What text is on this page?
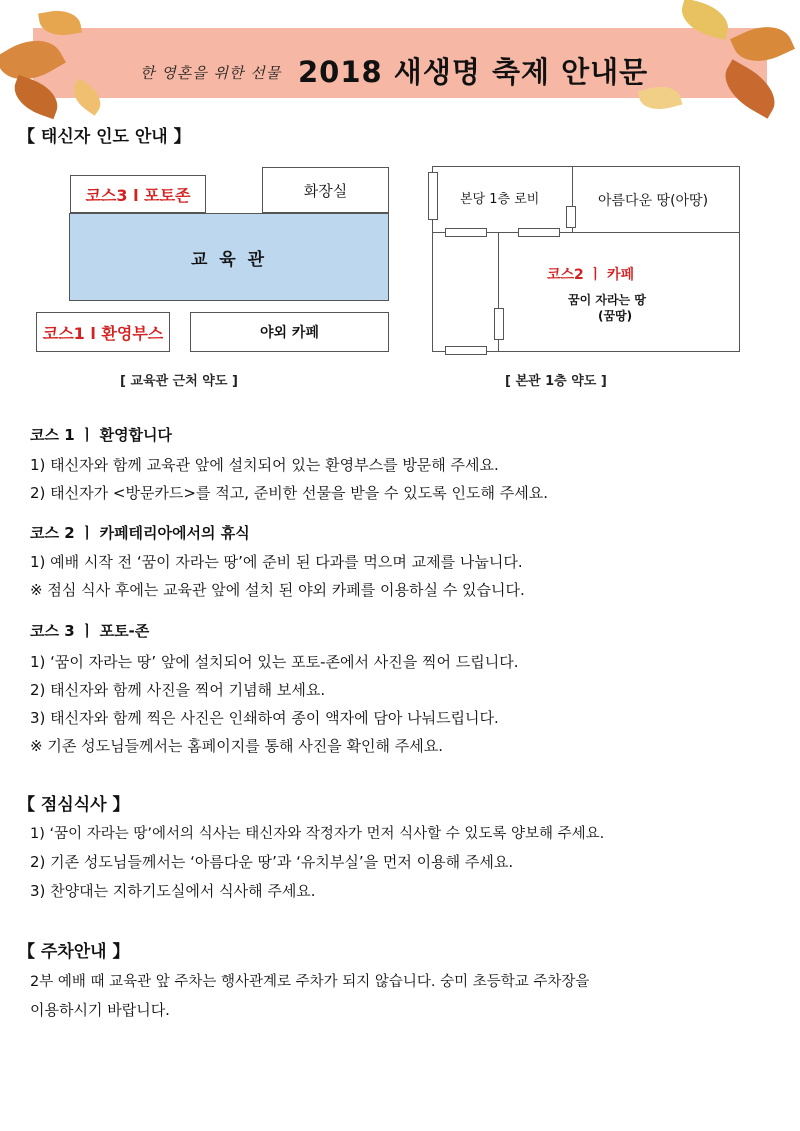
한 영혼을 위한 선물 2018 새생명 축제 안내문
【 태신자 인도 안내 】
코스3 l 포토존	화장실
교 육 관
코스1 l 환영부스	야외 카페
[ 교육관 근처 약도 ]
본당 1층 로비	아름다운 땅(아땅)
코스2 ㅣ 카페
꿈이 자라는 땅
(꿈땅)
[ 본관 1층 약도 ]
코스 1 ㅣ 환영합니다
1) 태신자와 함께 교육관 앞에 설치되어 있는 환영부스를 방문해 주세요.
2) 태신자가 <방문카드>를 적고, 준비한 선물을 받을 수 있도록 인도해 주세요.
코스 2 ㅣ 카페테리아에서의 휴식
1) 예배 시작 전 ‘꿈이 자라는 땅’에 준비 된 다과를 먹으며 교제를 나눕니다.
※ 점심 식사 후에는 교육관 앞에 설치 된 야외 카페를 이용하실 수 있습니다.
코스 3 ㅣ 포토-존
1) ‘꿈이 자라는 땅’ 앞에 설치되어 있는 포토-존에서 사진을 찍어 드립니다.
2) 태신자와 함께 사진을 찍어 기념해 보세요.
3) 태신자와 함께 찍은 사진은 인쇄하여 종이 액자에 담아 나눠드립니다.
※ 기존 성도님들께서는 홈페이지를 통해 사진을 확인해 주세요.
【 점심식사 】
1) ‘꿈이 자라는 땅’에서의 식사는 태신자와 작정자가 먼저 식사할 수 있도록 양보해 주세요.
2) 기존 성도님들께서는 ‘아름다운 땅’과 ‘유치부실’을 먼저 이용해 주세요.
3) 찬양대는 지하기도실에서 식사해 주세요.
【 주차안내 】
2부 예배 때 교육관 앞 주차는 행사관계로 주차가 되지 않습니다. 숭미 초등학교 주차장을
이용하시기 바랍니다.
